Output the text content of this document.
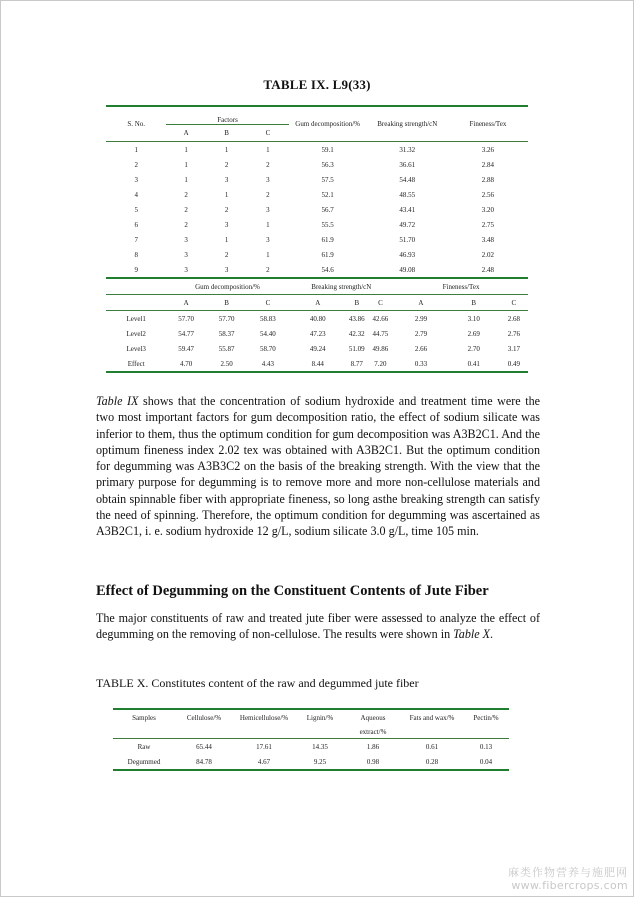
TABLE IX. L9(33)
S. No.	Factors			Gum decomposition/%		Breaking strength/cN		Fineness/Tex	
	A	B	C						
1	1	1	1	59.1		31.32		3.26	
2	1	2	2	56.3		36.61		2.84	
3	1	3	3	57.5		54.48		2.88	
4	2	1	2	52.1		48.55		2.56	
5	2	2	3	56.7		43.41		3.20	
6	2	3	1	55.5		49.72		2.75	
7	3	1	3	61.9		51.70		3.48	
8	3	2	1	61.9		46.93		2.02	
9	3	3	2	54.6		49.08		2.48	
	Gum decomposition/%			Breaking strength/cN			Fineness/Tex		
	A	B	C	A	B	C	A	B	C
Level1	57.70	57.70	58.83	40.80	43.86	42.66	2.99	3.10	2.68
Level2	54.77	58.37	54.40	47.23	42.32	44.75	2.79	2.69	2.76
Level3	59.47	55.87	58.70	49.24	51.09	49.86	2.66	2.70	3.17
Effect	4.70	2.50	4.43	8.44	8.77	7.20	0.33	0.41	0.49

Table IX shows that the concentration of sodium hydroxide and treatment time were the two most important factors for gum decomposition ratio, the effect of sodium silicate was inferior to them, thus the optimum condition for gum decomposition was A3B2C1. And the optimum fineness index 2.02 tex was obtained with A3B2C1. But the optimum condition for degumming was A3B3C2 on the basis of the breaking strength. With the view that the primary purpose for degumming is to remove more and more non-cellulose materials and obtain spinnable fiber with appropriate fineness, so long asthe breaking strength can satisfy the need of spinning. Therefore, the optimum condition for degumming was ascertained as A3B2C1, i. e. sodium hydroxide 12 g/L, sodium silicate 3.0 g/L, time 105 min.

Effect of Degumming on the Constituent Contents of Jute Fiber

The major constituents of raw and treated jute fiber were assessed to analyze the effect of degumming on the removing of non-cellulose. The results were shown in Table X.

TABLE X. Constitutes content of the raw and degummed jute fiber

Samples	Cellulose/%	Hemicellulose/%	Lignin/%	Aqueous	Fats and wax/%	Pectin/%
				extract/%		
Raw	65.44	17.61	14.35	1.86	0.61	0.13
Degummed	84.78	4.67	9.25	0.98	0.28	0.04
麻类作物营养与施肥网
www.fibercrops.com
